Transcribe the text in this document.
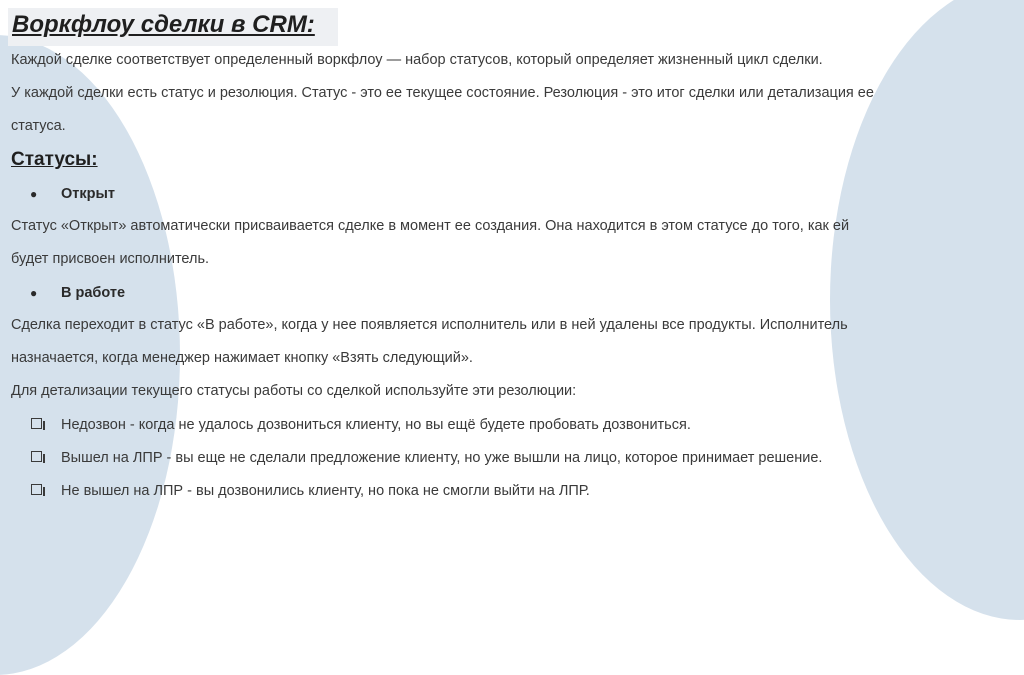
Воркфлоу сделки в CRM:

Каждой сделке соответствует определенный воркфлоу — набор статусов, который определяет жизненный цикл сделки.

У каждой сделки есть статус и резолюция. Статус - это ее текущее состояние. Резолюция - это итог сделки или детализация ее

статуса.

Статусы:
●	Открыт

Статус «Открыт» автоматически присваивается сделке в момент ее создания. Она находится в этом статусе до того, как ей

будет присвоен исполнитель.

●	В работе

Сделка переходит в статус «В работе», когда у нее появляется исполнитель или в ней удалены все продукты. Исполнитель

назначается, когда менеджер нажимает кнопку «Взять следующий».

Для детализации текущего статусы работы со сделкой используйте эти резолюции:

Недозвон - когда не удалось дозвониться клиенту, но вы ещё будете пробовать дозвониться.
Вышел на ЛПР - вы еще не сделали предложение клиенту, но уже вышли на лицо, которое принимает решение.
Не вышел на ЛПР - вы дозвонились клиенту, но пока не смогли выйти на ЛПР.
